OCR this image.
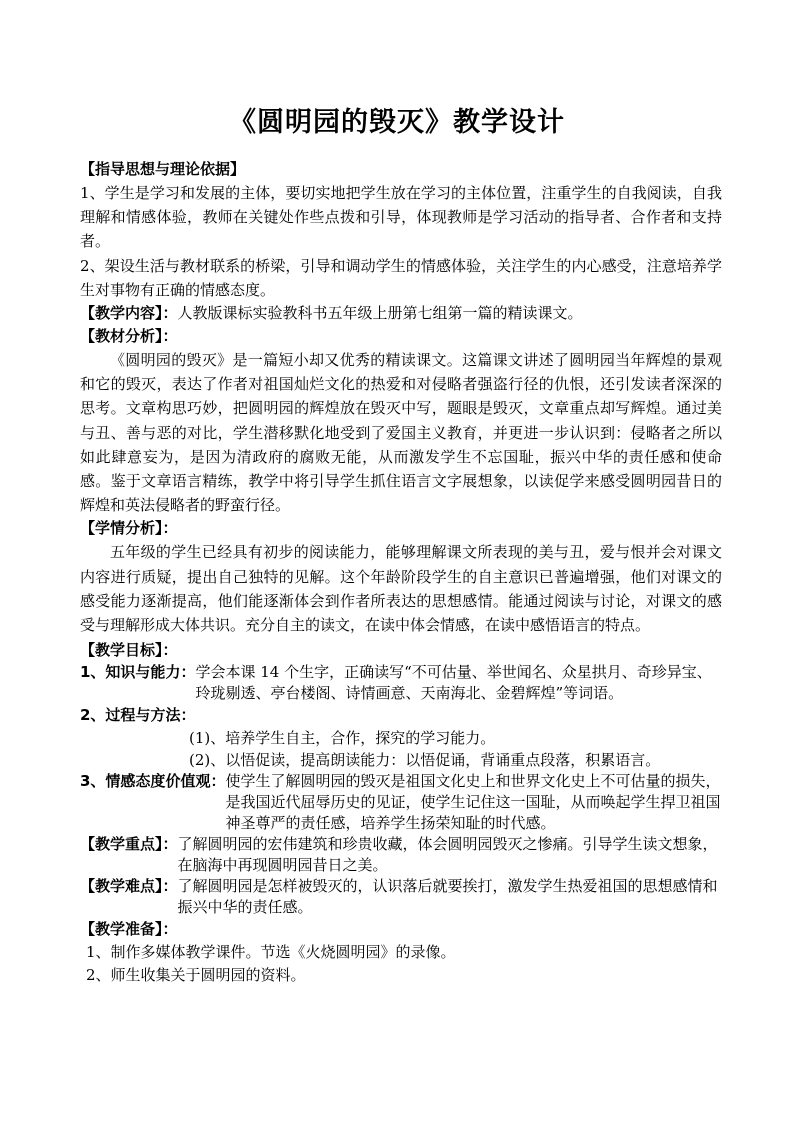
《圆明园的毁灭》教学设计
【指导思想与理论依据】
1、学生是学习和发展的主体，要切实地把学生放在学习的主体位置，注重学生的自我阅读，自我理解和情感体验，教师在关键处作些点拨和引导，体现教师是学习活动的指导者、合作者和支持者。
2、架设生活与教材联系的桥梁，引导和调动学生的情感体验，关注学生的内心感受，注意培养学生对事物有正确的情感态度。
【教学内容】：人教版课标实验教科书五年级上册第七组第一篇的精读课文。
【教材分析】：
《圆明园的毁灭》是一篇短小却又优秀的精读课文。这篇课文讲述了圆明园当年辉煌的景观和它的毁灭，表达了作者对祖国灿烂文化的热爱和对侵略者强盗行径的仇恨，还引发读者深深的思考。文章构思巧妙，把圆明园的辉煌放在毁灭中写，题眼是毁灭，文章重点却写辉煌。通过美与丑、善与恶的对比，学生潜移默化地受到了爱国主义教育，并更进一步认识到：侵略者之所以如此肆意妄为，是因为清政府的腐败无能，从而激发学生不忘国耻，振兴中华的责任感和使命感。鉴于文章语言精练，教学中将引导学生抓住语言文字展想象，以读促学来感受圆明园昔日的辉煌和英法侵略者的野蛮行径。
【学情分析】：
五年级的学生已经具有初步的阅读能力，能够理解课文所表现的美与丑，爱与恨并会对课文内容进行质疑，提出自己独特的见解。这个年龄阶段学生的自主意识已普遍增强，他们对课文的感受能力逐渐提高，他们能逐渐体会到作者所表达的思想感情。能通过阅读与讨论，对课文的感受与理解形成大体共识。充分自主的读文，在读中体会情感，在读中感悟语言的特点。
【教学目标】：
1、知识与能力： 学会本课 14 个生字，正确读写“不可估量、举世闻名、众星拱月、奇珍异宝、玲珑剔透、亭台楼阁、诗情画意、天南海北、金碧辉煌”等词语。
2、过程与方法：
(1)、培养学生自主，合作，探究的学习能力。
(2)、以悟促读，提高朗读能力：以悟促诵，背诵重点段落，积累语言。
3、情感态度价值观： 使学生了解圆明园的毁灭是祖国文化史上和世界文化史上不可估量的损失，是我国近代屈辱历史的见证，使学生记住这一国耻，从而唤起学生捍卫祖国神圣尊严的责任感，培养学生扬荣知耻的时代感。
【教学重点】： 了解圆明园的宏伟建筑和珍贵收藏，体会圆明园毁灭之惨痛。引导学生读文想象，在脑海中再现圆明园昔日之美。
【教学难点】： 了解圆明园是怎样被毁灭的，认识落后就要挨打，激发学生热爱祖国的思想感情和振兴中华的责任感。
【教学准备】：
1、制作多媒体教学课件。节选《火烧圆明园》的录像。
2、师生收集关于圆明园的资料。
